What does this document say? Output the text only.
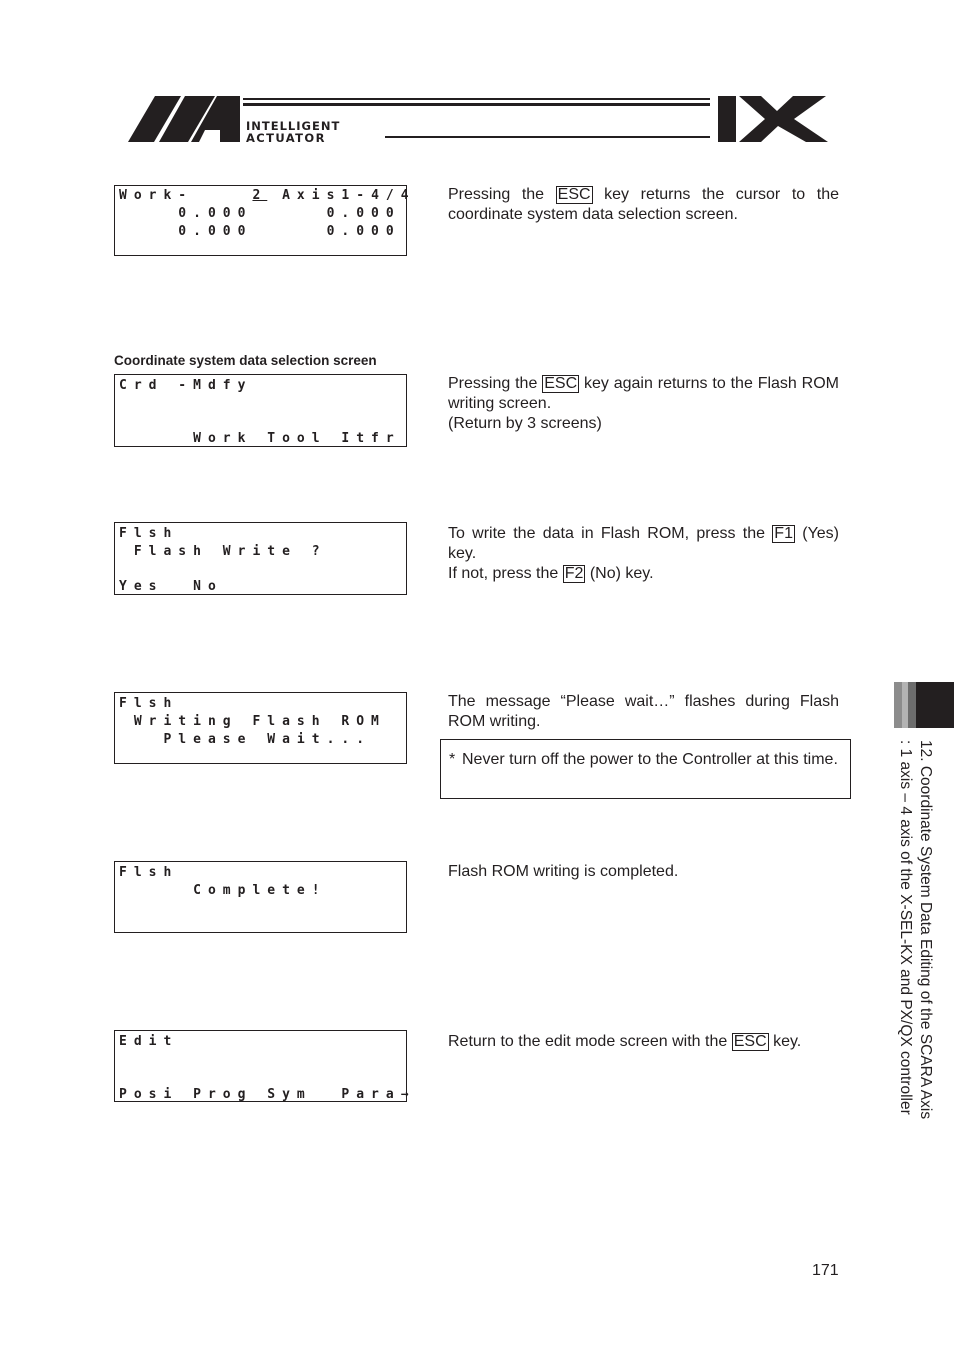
INTELLIGENT
ACTUATOR
Work-    2 Axis1-4/4
0.000     0.000
0.000     0.000

Pressing the ESC key returns the cursor to the coordinate system data selection screen.

Coordinate system data selection screen
Crd -Mdfy
Work Tool Itfr

Pressing the ESC key again returns to the Flash ROM writing screen.

(Return by 3 screens)

Flsh
Flash Write ?
Yes  No

To write the data in Flash ROM, press the F1 (Yes) key.

If not, press the F2 (No) key.

Flsh
Writing Flash ROM
Please Wait...
The message “Please wait…” flashes during Flash ROM writing.
* Never turn off the power to the Controller at this time.
Flsh
Complete!
Flash ROM writing is completed.
Edit
Posi Prog Sym  Para→

Return to the edit mode screen with the ESC key.	12. Coordinate System Data Editing of the SCARA Axis
: 1 axis – 4 axis of the X-SEL-KX and PX/QX controller
171
